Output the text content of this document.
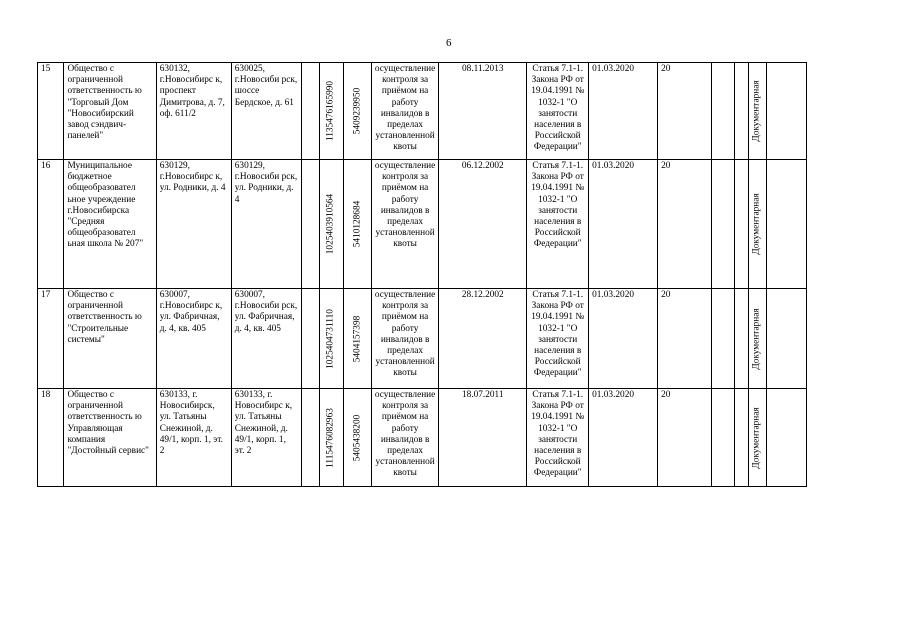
6
15	Общество с ограниченной ответственность ю "Торговый Дом "Новосибирский завод сэндвич-панелей"	630132, г.Новосибирс к, проспект Димитрова, д. 7, оф. 611/2	630025, г.Новосиби рск, шоссе Бердское, д. 61		1135476165990	5409239950	осуществление контроля за приёмом на работу инвалидов в пределах установленной квоты	08.11.2013	Статья 7.1-1. Закона РФ от 19.04.1991 № 1032-1 "О занятости населения в Российской Федерации"	01.03.2020	20			Документарная	

16	Муниципальное бюджетное общеобразовател ьное учреждение г.Новосибирска "Средняя общеобразовател ьная школа № 207"	630129, г.Новосибирс к, ул. Родники, д. 4	630129, г.Новосиби рск, ул. Родники, д. 4		1025403910564	5410128684	осуществление контроля за приёмом на работу инвалидов в пределах установленной квоты	06.12.2002	Статья 7.1-1. Закона РФ от 19.04.1991 № 1032-1 "О занятости населения в Российской Федерации"	01.03.2020	20			Документарная	

17	Общество с ограниченной ответственность ю "Строительные системы"	630007, г.Новосибирс к, ул. Фабричная, д. 4, кв. 405	630007, г.Новосиби рск, ул. Фабричная, д. 4, кв. 405		1025404731110	5404157398	осуществление контроля за приёмом на работу инвалидов в пределах установленной квоты	28.12.2002	Статья 7.1-1. Закона РФ от 19.04.1991 № 1032-1 "О занятости населения в Российской Федерации"	01.03.2020	20			Документарная	

18	Общество с ограниченной ответственность ю Управляющая компания "Достойный сервис"	630133, г. Новосибирск, ул. Татьяны Снежиной, д. 49/1, корп. 1, эт. 2	630133, г. Новосибирс к, ул. Татьяны Снежиной, д. 49/1, корп. 1, эт. 2		1115476082963	5405438200	осуществление контроля за приёмом на работу инвалидов в пределах установленной квоты	18.07.2011	Статья 7.1-1. Закона РФ от 19.04.1991 № 1032-1 "О занятости населения в Российской Федерации"	01.03.2020	20			Документарная	
